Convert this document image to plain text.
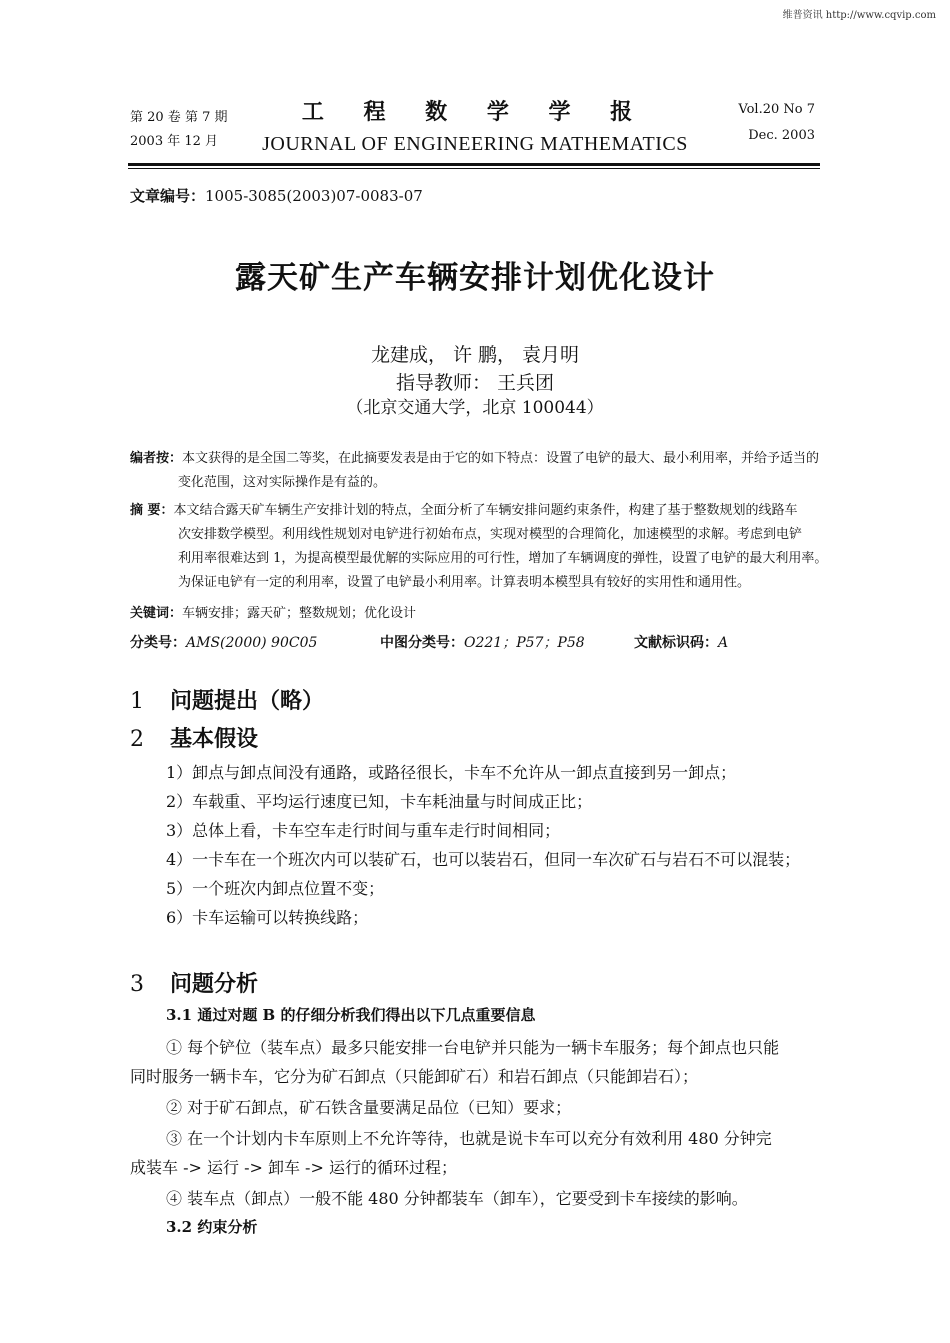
维普资讯 http://www.cqvip.com
第 20 卷 第 7 期
2003 年 12 月
工 程 数 学 学 报
JOURNAL OF ENGINEERING MATHEMATICS
Vol.20 No 7
Dec. 2003
文章编号：1005-3085(2003)07-0083-07
露天矿生产车辆安排计划优化设计
龙建成， 许 鹏， 袁月明
指导教师： 王兵团
（北京交通大学，北京 100044）
编者按：本文获得的是全国二等奖，在此摘要发表是由于它的如下特点：设置了电铲的最大、最小利用率，并给予适当的
变化范围，这对实际操作是有益的。
摘 要：本文结合露天矿车辆生产安排计划的特点，全面分析了车辆安排问题约束条件，构建了基于整数规划的线路车
次安排数学模型。利用线性规划对电铲进行初始布点，实现对模型的合理简化，加速模型的求解。考虑到电铲
利用率很难达到 1，为提高模型最优解的实际应用的可行性，增加了车辆调度的弹性，设置了电铲的最大利用率。
为保证电铲有一定的利用率，设置了电铲最小利用率。计算表明本模型具有较好的实用性和通用性。
关键词：车辆安排；露天矿；整数规划；优化设计
分类号：AMS(2000) 90C05	中图分类号：O221；P57；P58	文献标识码：A
1 问题提出（略）
2 基本假设
1）卸点与卸点间没有通路，或路径很长，卡车不允许从一卸点直接到另一卸点；
2）车载重、平均运行速度已知，卡车耗油量与时间成正比；
3）总体上看，卡车空车走行时间与重车走行时间相同；
4）一卡车在一个班次内可以装矿石，也可以装岩石，但同一车次矿石与岩石不可以混装；
5）一个班次内卸点位置不变；
6）卡车运输可以转换线路；
3 问题分析
3.1 通过对题 B 的仔细分析我们得出以下几点重要信息
① 每个铲位（装车点）最多只能安排一台电铲并只能为一辆卡车服务；每个卸点也只能
同时服务一辆卡车，它分为矿石卸点（只能卸矿石）和岩石卸点（只能卸岩石）；
② 对于矿石卸点，矿石铁含量要满足品位（已知）要求；
③ 在一个计划内卡车原则上不允许等待，也就是说卡车可以充分有效利用 480 分钟完
成装车 -> 运行 -> 卸车 -> 运行的循环过程；
④ 装车点（卸点）一般不能 480 分钟都装车（卸车），它要受到卡车接续的影响。
3.2 约束分析
